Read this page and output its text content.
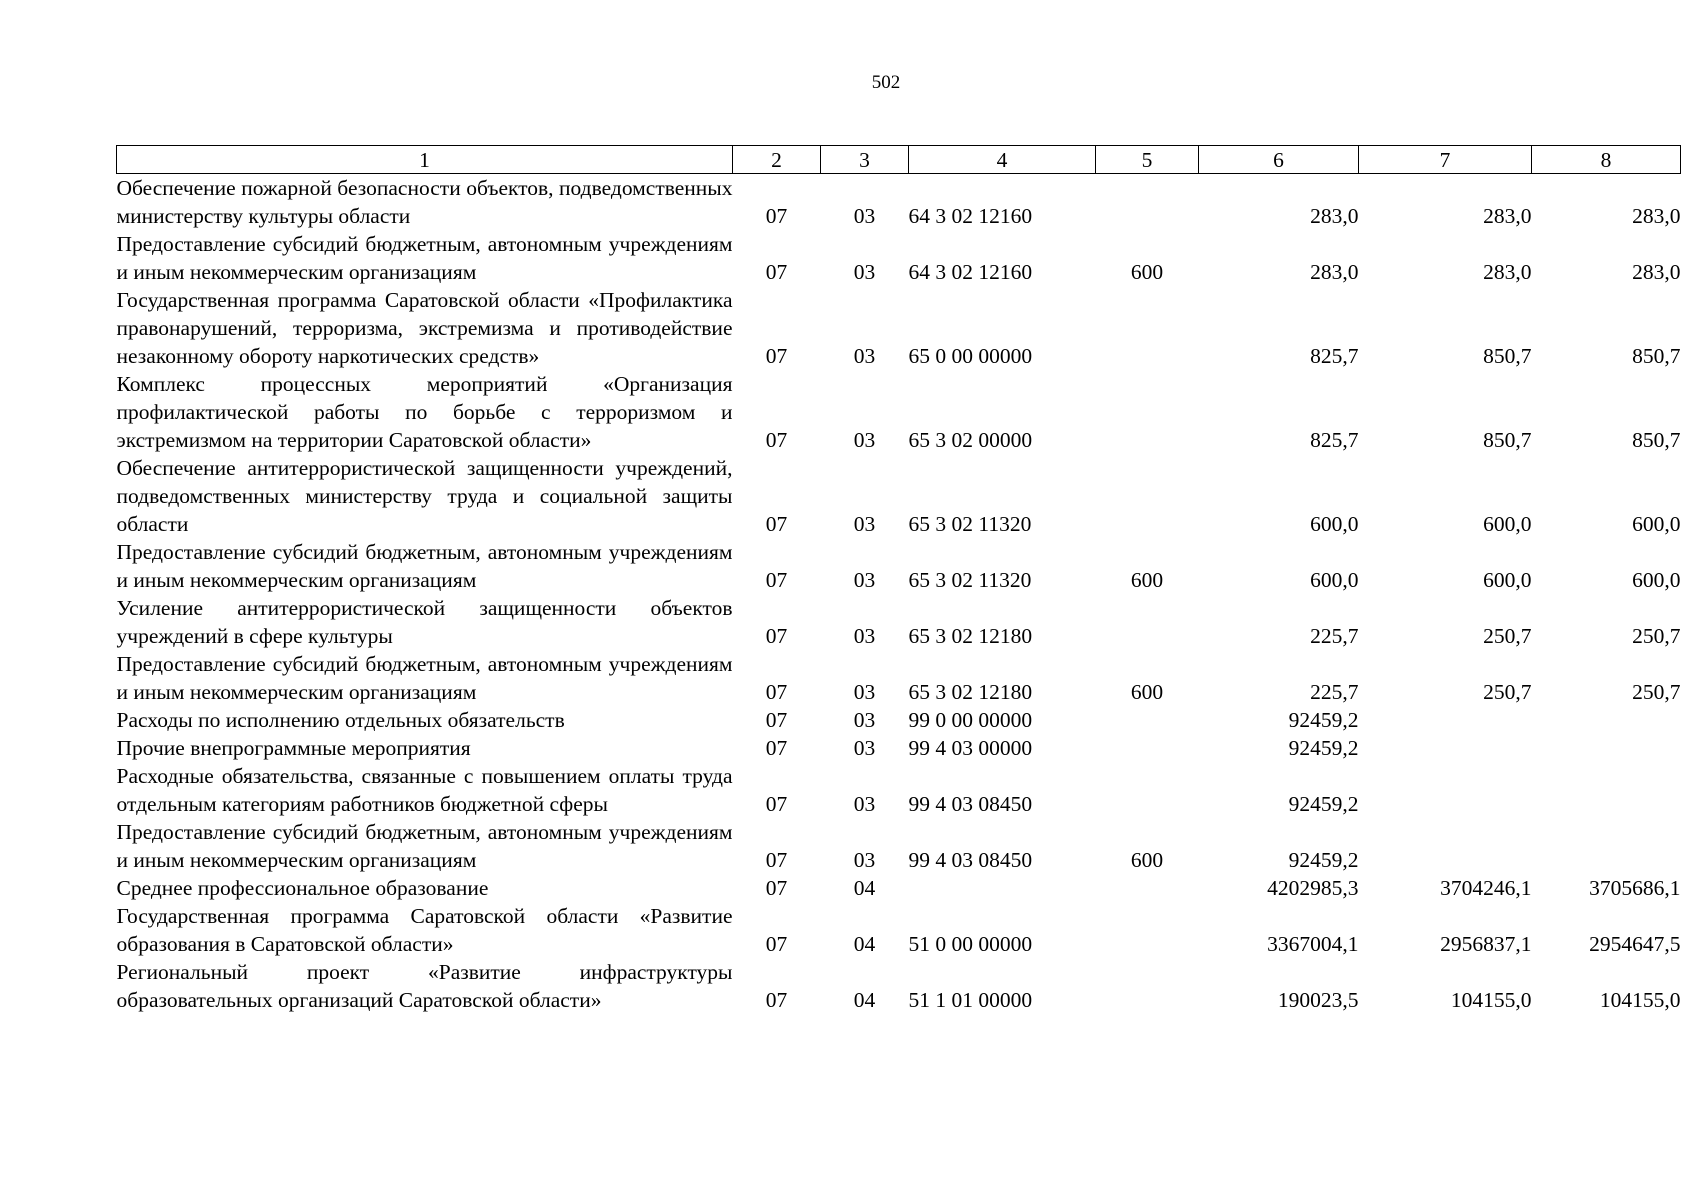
502
1	2	3	4	5	6	7	8
Обеспечение пожарной безопасности объектов, подведомственных министерству культуры области	07	03	64 3 02 12160		283,0	283,0	283,0
Предоставление субсидий бюджетным, автономным учреждениям и иным некоммерческим организациям	07	03	64 3 02 12160	600	283,0	283,0	283,0
Государственная программа Саратовской области «Профилактика правонарушений, терроризма, экстремизма и противодействие незаконному обороту наркотических средств»	07	03	65 0 00 00000		825,7	850,7	850,7
Комплекс процессных мероприятий «Организация профилактической работы по борьбе с терроризмом и экстремизмом на территории Саратовской области»	07	03	65 3 02 00000		825,7	850,7	850,7
Обеспечение антитеррористической защищенности учреждений, подведомственных министерству труда и социальной защиты области	07	03	65 3 02 11320		600,0	600,0	600,0
Предоставление субсидий бюджетным, автономным учреждениям и иным некоммерческим организациям	07	03	65 3 02 11320	600	600,0	600,0	600,0
Усиление антитеррористической защищенности объектов учреждений в сфере культуры	07	03	65 3 02 12180		225,7	250,7	250,7
Предоставление субсидий бюджетным, автономным учреждениям и иным некоммерческим организациям	07	03	65 3 02 12180	600	225,7	250,7	250,7
Расходы по исполнению отдельных обязательств	07	03	99 0 00 00000		92459,2		
Прочие внепрограммные мероприятия	07	03	99 4 03 00000		92459,2		
Расходные обязательства, связанные с повышением оплаты труда отдельным категориям работников бюджетной сферы	07	03	99 4 03 08450		92459,2		
Предоставление субсидий бюджетным, автономным учреждениям и иным некоммерческим организациям	07	03	99 4 03 08450	600	92459,2		
Среднее профессиональное образование	07	04			4202985,3	3704246,1	3705686,1
Государственная программа Саратовской области «Развитие образования в Саратовской области»	07	04	51 0 00 00000		3367004,1	2956837,1	2954647,5
Региональный проект «Развитие инфраструктуры образовательных организаций Саратовской области»	07	04	51 1 01 00000		190023,5	104155,0	104155,0
